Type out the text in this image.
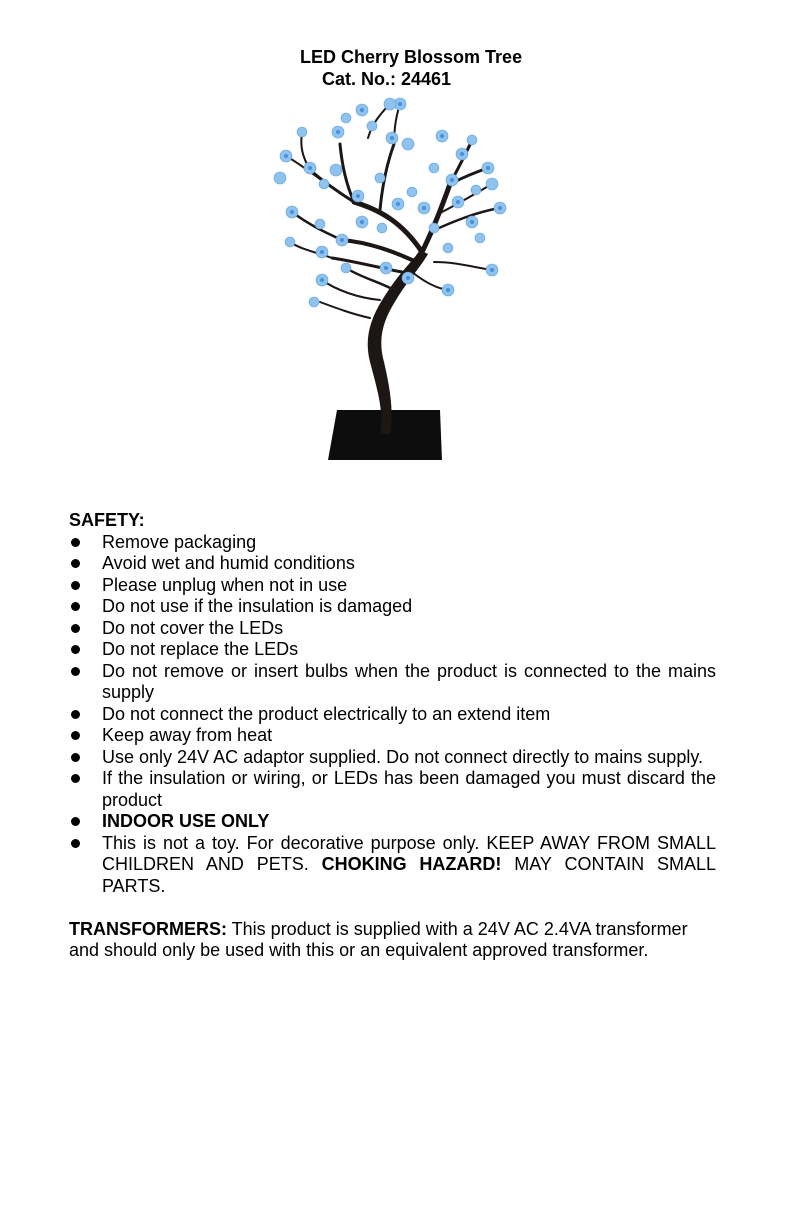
LED Cherry Blossom Tree
Cat. No.: 24461

SAFETY:

Remove packaging
Avoid wet and humid conditions
Please unplug when not in use
Do not use if the insulation is damaged
Do not cover the LEDs
Do not replace the LEDs
Do not remove or insert bulbs when the product is connected to the mains supply
Do not connect the product electrically to an extend item
Keep away from heat
Use only 24V AC adaptor supplied. Do not connect directly to mains supply.
If the insulation or wiring, or LEDs has been damaged you must discard the product
INDOOR USE ONLY
This is not a toy. For decorative purpose only. KEEP AWAY FROM SMALL CHILDREN AND PETS. CHOKING HAZARD! MAY CONTAIN SMALL PARTS.

TRANSFORMERS: This product is supplied with a 24V AC 2.4VA transformer and should only be used with this or an equivalent approved transformer.
